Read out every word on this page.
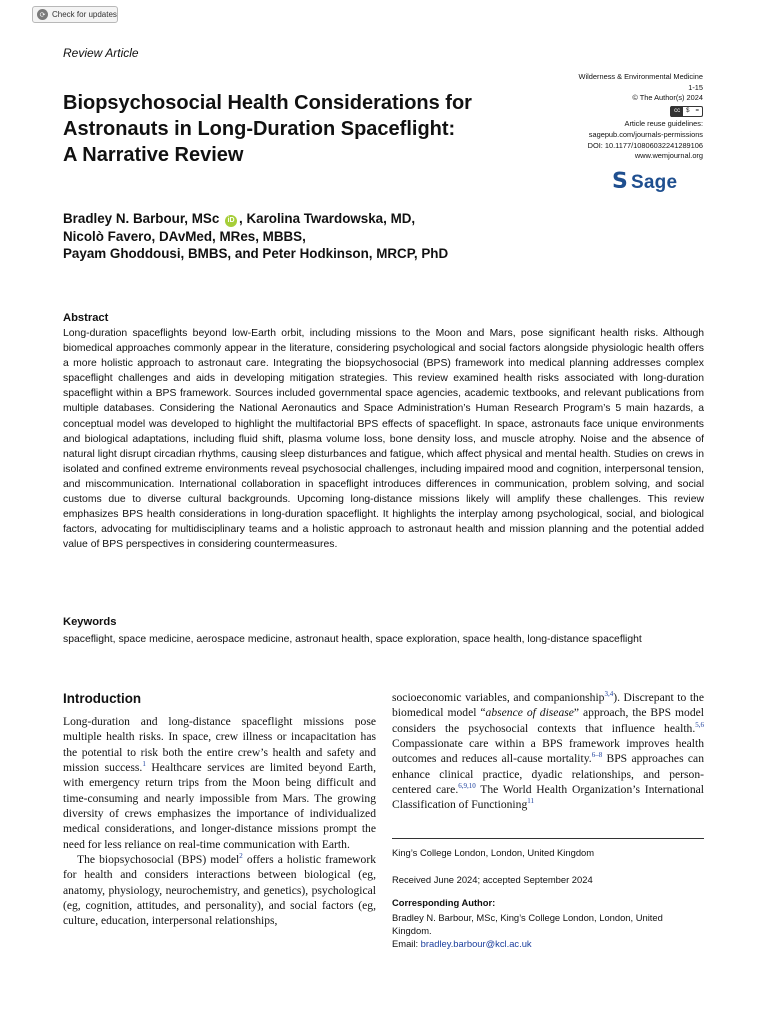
⟳ Check for updates
Review Article
Wilderness & Environmental Medicine
1-15
© The Author(s) 2024
cc	$	=
Article reuse guidelines:
sagepub.com/journals-permissions
DOI: 10.1177/10806032241289106
www.wemjournal.org
𝗦 Sage
Biopsychosocial Health Considerations for
Astronauts in Long-Duration Spaceflight:
A Narrative Review
Bradley N. Barbour, MSc iD , Karolina Twardowska, MD,
Nicolò Favero, DAvMed, MRes, MBBS,
Payam Ghoddousi, BMBS, and Peter Hodkinson, MRCP, PhD
Abstract
Long-duration spaceflights beyond low-Earth orbit, including missions to the Moon and Mars, pose significant health risks. Although biomedical approaches commonly appear in the literature, considering psychological and social factors alongside physiologic health offers a more holistic approach to astronaut care. Integrating the biopsychosocial (BPS) framework into medical planning addresses complex spaceflight challenges and aids in developing mitigation strategies. This review examined health risks associated with long-duration spaceflight within a BPS framework. Sources included governmental space agencies, academic textbooks, and relevant publications from multiple databases. Considering the National Aeronautics and Space Administration’s Human Research Program’s 5 main hazards, a conceptual model was developed to highlight the multifactorial BPS effects of spaceflight. In space, astronauts face unique environments and biological adaptations, including fluid shift, plasma volume loss, bone density loss, and muscle atrophy. Noise and the absence of natural light disrupt circadian rhythms, causing sleep disturbances and fatigue, which affect physical and mental health. Studies on crews in isolated and confined extreme environments reveal psychosocial challenges, including impaired mood and cognition, interpersonal tension, and miscommunication. International collaboration in spaceflight introduces differences in communication, problem solving, and social customs due to diverse cultural backgrounds. Upcoming long-distance missions likely will amplify these challenges. This review emphasizes BPS health considerations in long-duration spaceflight. It highlights the interplay among psychological, social, and biological factors, advocating for multidisciplinary teams and a holistic approach to astronaut health and mission planning and the potential added value of BPS perspectives in considering countermeasures.
Keywords
spaceflight, space medicine, aerospace medicine, astronaut health, space exploration, space health, long-distance spaceflight
Introduction

Long-duration and long-distance spaceflight missions pose multiple health risks. In space, crew illness or incapacitation has the potential to risk both the entire crew’s health and safety and mission success.$^1$ Healthcare services are limited beyond Earth, with emergency return trips from the Moon being difficult and time-consuming and nearly impossible from Mars. The growing diversity of crews emphasizes the importance of individualized medical considerations, and longer-distance missions prompt the need for less reliance on real-time communication with Earth.

The biopsychosocial (BPS) model$^2$ offers a holistic framework for health and considers interactions between biological (eg, anatomy, physiology, neurochemistry, and genetics), psychological (eg, cognition, attitudes, and personality), and social factors (eg, culture, education, interpersonal relationships,

socioeconomic variables, and companionship$^{3,4}$). Discrepant to the biomedical model “absence of disease” approach, the BPS model considers the psychosocial contexts that influence health.$^{5,6}$ Compassionate care within a BPS framework improves health outcomes and reduces all-cause mortality.$^{6-8}$ BPS approaches can enhance clinical practice, dyadic relationships, and person-centered care.$^{6,9,10}$ The World Health Organization’s International Classification of Functioning$^{11}$

King’s College London, London, United Kingdom
Received June 2024; accepted September 2024
Corresponding Author:
Bradley N. Barbour, MSc, King’s College London, London, United Kingdom.
Email: bradley.barbour@kcl.ac.uk
